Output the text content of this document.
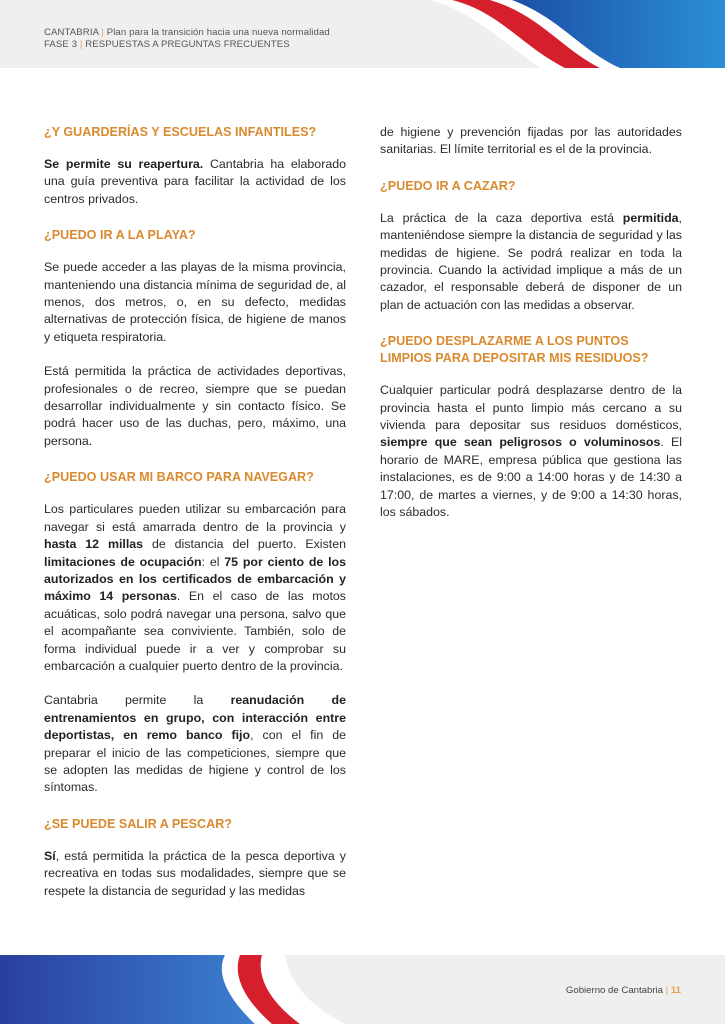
CANTABRIA | Plan para la transición hacia una nueva normalidad
FASE 3 | RESPUESTAS A PREGUNTAS FRECUENTES
¿Y GUARDERÍAS Y ESCUELAS INFANTILES?

Se permite su reapertura. Cantabria ha elaborado una guía preventiva para facilitar la actividad de los centros privados.

¿PUEDO IR A LA PLAYA?

Se puede acceder a las playas de la misma provincia, manteniendo una distancia mínima de seguridad de, al menos, dos metros, o, en su defecto, medidas alternativas de protección física, de higiene de manos y etiqueta respiratoria.

Está permitida la práctica de actividades deportivas, profesionales o de recreo, siempre que se puedan desarrollar individualmente y sin contacto físico. Se podrá hacer uso de las duchas, pero, máximo, una persona.

¿PUEDO USAR MI BARCO PARA NAVEGAR?

Los particulares pueden utilizar su embarcación para navegar si está amarrada dentro de la provincia y hasta 12 millas de distancia del puerto. Existen limitaciones de ocupación: el 75 por ciento de los autorizados en los certificados de embarcación y máximo 14 personas. En el caso de las motos acuáticas, solo podrá navegar una persona, salvo que el acompañante sea conviviente. También, solo de forma individual puede ir a ver y comprobar su embarcación a cualquier puerto dentro de la provincia.

Cantabria permite la reanudación de entrenamientos en grupo, con interacción entre deportistas, en remo banco fijo, con el fin de preparar el inicio de las competiciones, siempre que se adopten las medidas de higiene y control de los síntomas.

¿SE PUEDE SALIR A PESCAR?

Sí, está permitida la práctica de la pesca deportiva y recreativa en todas sus modalidades, siempre que se respete la distancia de seguridad y las medidas

de higiene y prevención fijadas por las autoridades sanitarias. El límite territorial es el de la provincia.

¿PUEDO IR A CAZAR?

La práctica de la caza deportiva está permitida, manteniéndose siempre la distancia de seguridad y las medidas de higiene. Se podrá realizar en toda la provincia. Cuando la actividad implique a más de un cazador, el responsable deberá de disponer de un plan de actuación con las medidas a observar.

¿PUEDO DESPLAZARME A LOS PUNTOS LIMPIOS PARA DEPOSITAR MIS RESIDUOS?

Cualquier particular podrá desplazarse dentro de la provincia hasta el punto limpio más cercano a su vivienda para depositar sus residuos domésticos, siempre que sean peligrosos o voluminosos. El horario de MARE, empresa pública que gestiona las instalaciones, es de 9:00 a 14:00 horas y de 14:30 a 17:00, de martes a viernes, y de 9:00 a 14:30 horas, los sábados.

Gobierno de Cantabria | 11
